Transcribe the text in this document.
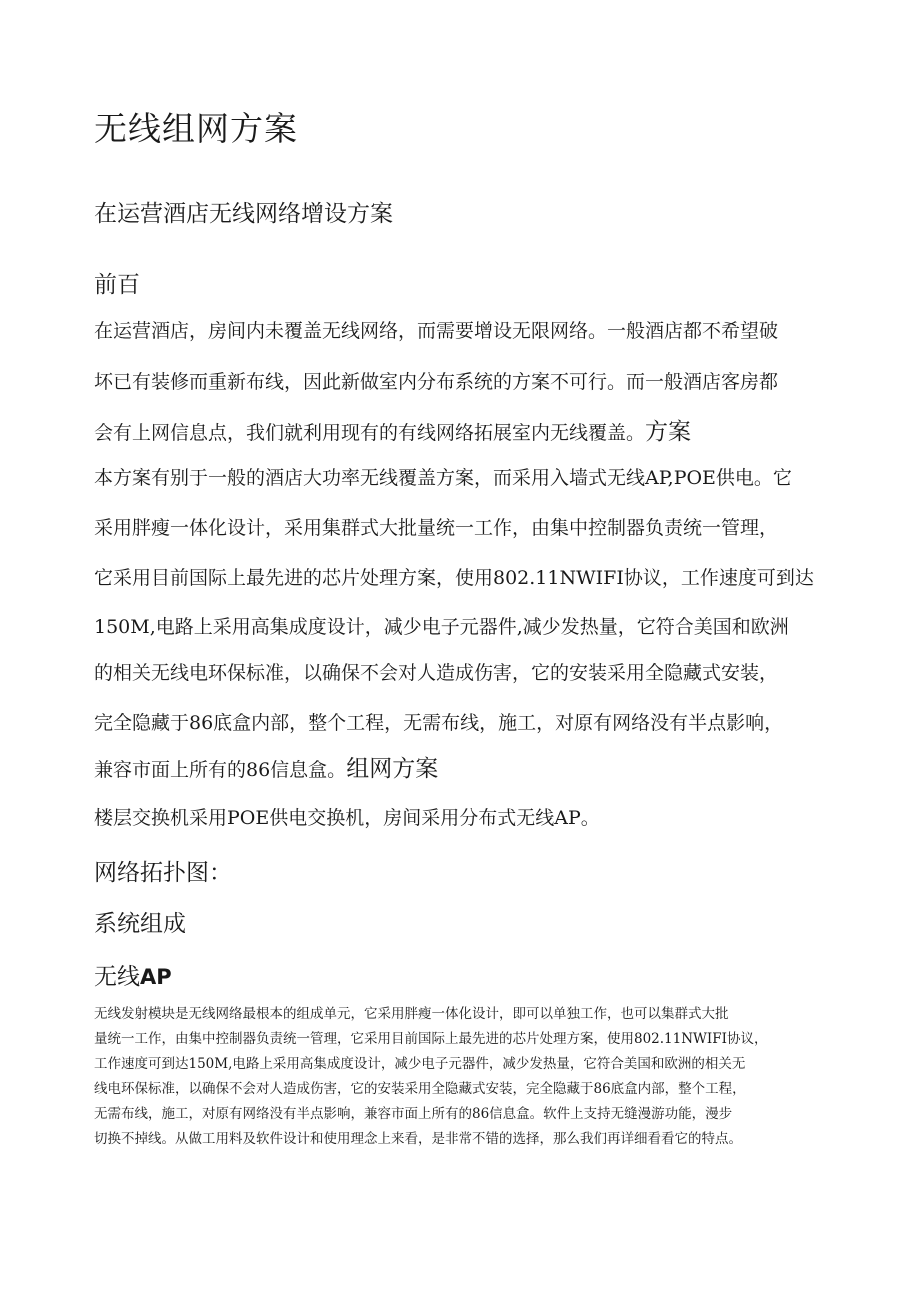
无线组网方案
在运营酒店无线网络增设方案
前百

在运营酒店，房间内未覆盖无线网络，而需要增设无限网络。一般酒店都不希望破

坏已有装修而重新布线，因此新做室内分布系统的方案不可行。而一般酒店客房都

会有上网信息点，我们就利用现有的有线网络拓展室内无线覆盖。方案

本方案有别于一般的酒店大功率无线覆盖方案，而采用入墙式无线AP,POE供电。它

采用胖瘦一体化设计，采用集群式大批量统一工作，由集中控制器负责统一管理，

它采用目前国际上最先进的芯片处理方案，使用802.11NWIFI协议，工作速度可到达

150M,电路上采用高集成度设计，减少电子元器件,减少发热量，它符合美国和欧洲

的相关无线电环保标准，以确保不会对人造成伤害，它的安装采用全隐藏式安装，

完全隐藏于86底盒内部，整个工程，无需布线，施工，对原有网络没有半点影响，

兼容市面上所有的86信息盒。组网方案

楼层交换机采用POE供电交换机，房间采用分布式无线AP。

网络拓扑图：
系统组成
无线AP
无线发射模块是无线网络最根本的组成单元，它采用胖瘦一体化设计，即可以单独工作，也可以集群式大批
量统一工作，由集中控制器负责统一管理，它采用目前国际上最先进的芯片处理方案，使用802.11NWIFI协议，
工作速度可到达150M,电路上采用高集成度设计，减少电子元器件，减少发热量，它符合美国和欧洲的相关无
线电环保标准，以确保不会对人造成伤害，它的安装采用全隐藏式安装，完全隐藏于86底盒内部，整个工程，
无需布线，施工，对原有网络没有半点影响，兼容市面上所有的86信息盒。软件上支持无缝漫游功能，漫步
切换不掉线。从做工用料及软件设计和使用理念上来看，是非常不错的选择，那么我们再详细看看它的特点。
